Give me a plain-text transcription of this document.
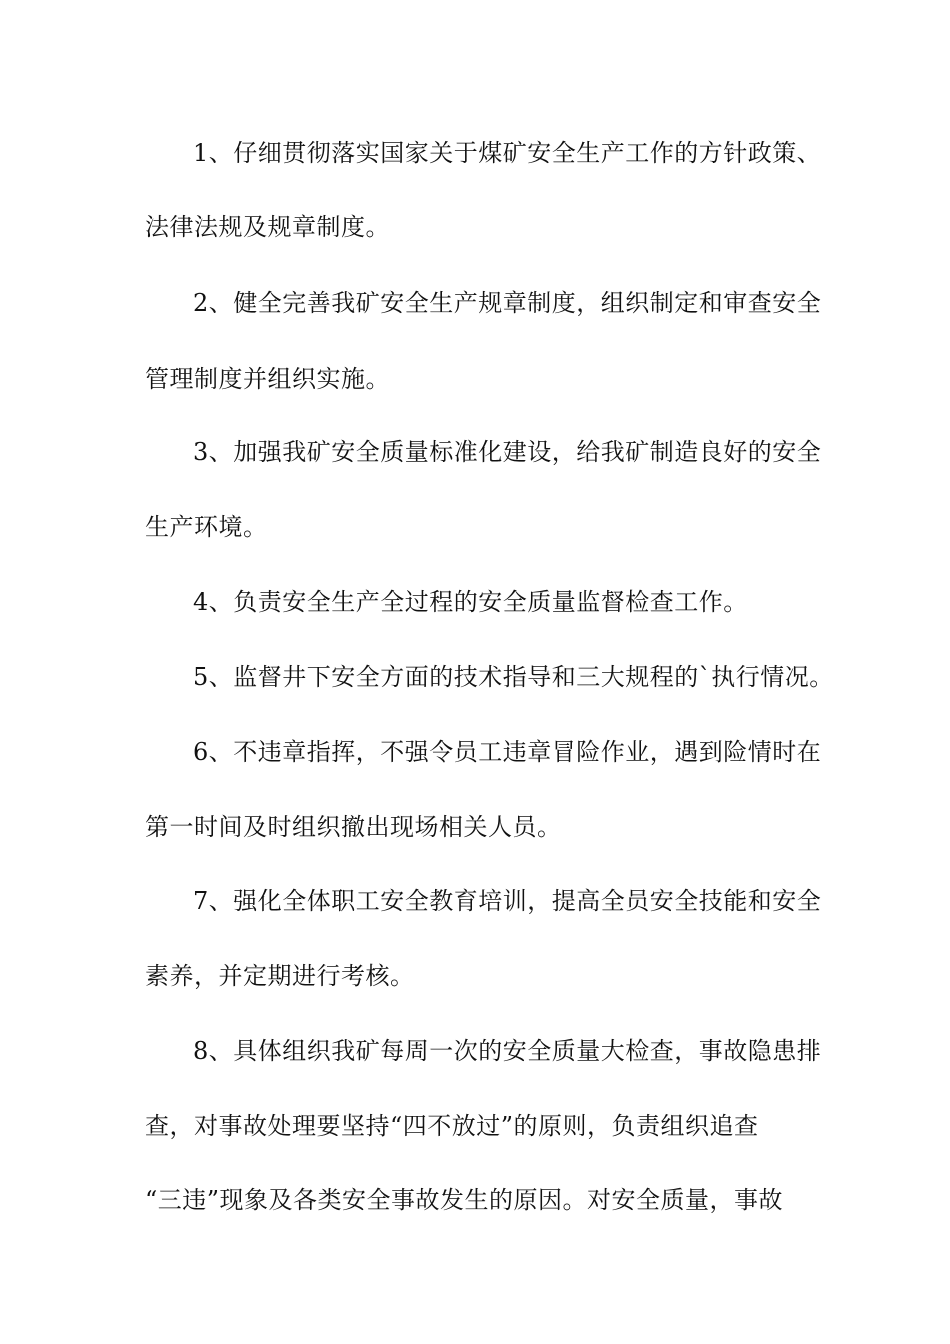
1、仔细贯彻落实国家关于煤矿安全生产工作的方针政策、

法律法规及规章制度。

2、健全完善我矿安全生产规章制度，组织制定和审查安全

管理制度并组织实施。

3、加强我矿安全质量标准化建设，给我矿制造良好的安全

生产环境。

4、负责安全生产全过程的安全质量监督检查工作。

5、监督井下安全方面的技术指导和三大规程的`执行情况。

6、不违章指挥，不强令员工违章冒险作业，遇到险情时在

第一时间及时组织撤出现场相关人员。

7、强化全体职工安全教育培训，提高全员安全技能和安全

素养，并定期进行考核。

8、具体组织我矿每周一次的安全质量大检查，事故隐患排

查，对事故处理要坚持“四不放过”的原则，负责组织追查

“三违”现象及各类安全事故发生的原因。对安全质量，事故
